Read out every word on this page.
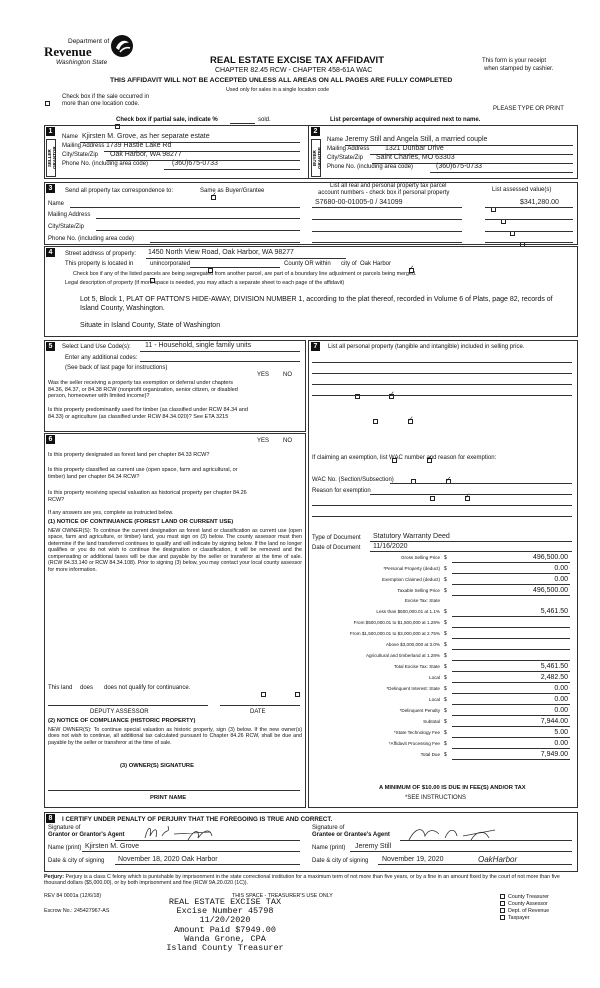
Department of
Revenue
Washington State	REAL ESTATE EXCISE TAX AFFIDAVIT
CHAPTER 82.45 RCW - CHAPTER 458-61A WAC
THIS AFFIDAVIT WILL NOT BE ACCEPTED UNLESS ALL AREAS ON ALL PAGES ARE FULLY COMPLETED
Used only for sales in a single location code
This form is your receipt
when stamped by cashier.

Check box if the sale occurred in
more than one location code.
PLEASE TYPE OR PRINT

Check box if partial sale, indicate %	sold.	List percentage of ownership acquired next to name.
1
SELLER GRANTOR
Name Kjirsten M. Grove, as her separate estate
Mailing Address 1739 Hastie Lake Rd
City/State/Zip Oak Harbor, WA 98277
Phone No. (including area code)	(360)675-0733
2
BUYER GRANTEE
Name Jeremy Still and Angela Still, a married couple
Mailing Address 1321 Dunbar Drive
City/State/Zip Saint Charles, MO 63303
Phone No. (including area code)	(360)675-0733
3	Send all property tax correspondence to:
✓	Same as Buyer/Grantee
Name
Mailing Address
City/State/Zip
Phone No. (including area code)
List all real and personal property tax parcel
account numbers - check box if personal property	List assessed value(s)
S7680-00-01005-0 / 341099	$341,280.00

4	Street address of property: 1450 North View Road, Oak Harbor, WA 98277
This property is located in
	unincorporated	County OR within
✓ city of Oak Harbor

Check box if any of the listed parcels are being segregated from another parcel, are part of a boundary line adjustment or parcels being merged.
Legal description of property (if more space is needed, you may attach a separate sheet to each page of the affidavit)
Lot 5, Block 1, PLAT OF PATTON'S HIDE-AWAY, DIVISION NUMBER 1, according to the plat thereof, recorded in Volume 6 of Plats, page 82, records of Island County, Washington.
Situate in Island County, State of Washington
5	Select Land Use Code(s): 11 - Household, single family units
Enter any additional codes:
(See back of last page for instructions)
YES NO
Was the seller receiving a property tax exemption or deferral under chapters 84.36, 84.37, or 84.38 RCW (nonprofit organization, senior citizen, or disabled person, homeowner with limited income)?
✓
Is this property predominantly used for timber (as classified under RCW 84.34 and 84.33) or agriculture (as classified under RCW 84.34.020)? See ETA 3215
✓
6	YES NO
Is this property designated as forest land per chapter 84.33 RCW?
✓
Is this property classified as current use (open space, farm and agricultural, or timber) land per chapter 84.34 RCW?
✓
Is this property receiving special valuation as historical property per chapter 84.26 RCW?
✓
If any answers are yes, complete as instructed below.
(1) NOTICE OF CONTINUANCE (FOREST LAND OR CURRENT USE)
NEW OWNER(S): To continue the current designation as forest land or classification as current use (open space, farm and agriculture, or timber) land, you must sign on (3) below. The county assessor must then determine if the land transferred continues to qualify and will indicate by signing below. If the land no longer qualifies or you do not wish to continue the designation or classification, it will be removed and the compensating or additional taxes will be due and payable by the seller or transferor at the time of sale. (RCW 84.33.140 or RCW 84.34.108). Prior to signing (3) below, you may contact your local county assessor for more information.
This land
does does not qualify for continuance.
DEPUTY ASSESSOR	DATE
(2) NOTICE OF COMPLIANCE (HISTORIC PROPERTY)
NEW OWNER(S): To continue special valuation as historic property, sign (3) below. If the new owner(s) does not wish to continue, all additional tax calculated pursuant to Chapter 84.26 RCW, shall be due and payable by the seller or transferor at the time of sale.
(3) OWNER(S) SIGNATURE
PRINT NAME
7	List all personal property (tangible and intangible) included in selling price.
If claiming an exemption, list WAC number and reason for exemption:
WAC No. (Section/Subsection)
Reason for exemption
Type of Document Statutory Warranty Deed
Date of Document 11/16/2020
Gross Selling Price $	496,500.00
*Personal Property (deduct) $	0.00
Exemption Claimed (deduct) $	0.00
Taxable Selling Price $	496,500.00
Excise Tax: State
Less than $500,000.01 at 1.1% $	5,461.50
From $500,000.01 to $1,500,000 at 1.28% $
From $1,500,000.01 to $3,000,000 at 2.75% $
Above $3,000,000 at 3.0% $
Agricultural and timberland at 1.28% $
Total Excise Tax: State $	5,461.50
Local $	2,482.50
*Delinquent Interest: State $	0.00
Local $	0.00
*Delinquent Penalty $	0.00
Subtotal $	7,944.00
*State Technology Fee $	5.00
*Affidavit Processing Fee $	0.00
Total Due $	7,949.00
A MINIMUM OF $10.00 IS DUE IN FEE(S) AND/OR TAX
*SEE INSTRUCTIONS
8	I CERTIFY UNDER PENALTY OF PERJURY THAT THE FOREGOING IS TRUE AND CORRECT.
Signature of
Grantor or Grantor's Agent
Name (print) Kjirsten M. Grove
Date & city of signing November 18, 2020 Oak Harbor
Signature of
Grantee or Grantee's Agent
Name (print) Jeremy Still
Date & city of signing November 19, 2020	OakHarbor
Perjury: Perjury is a class C felony which is punishable by imprisonment in the state correctional institution for a maximum term of not more than five years, or by a fine in an amount fixed by the court of not more than five thousand dollars ($5,000.00), or by both imprisonment and fine (RCW 9A.20.020 (1C)).
REV 84 0001a (12/6/18)	THIS SPACE - TREASURER'S USE ONLY
Escrow No.: 245427967-AS
REAL ESTATE EXCISE TAX
Excise Number 45798
11/20/2020
Amount Paid $7949.00
Wanda Grone, CPA
Island County Treasurer
County Treasurer
County Assessor
Dept. of Revenue
Taxpayer
